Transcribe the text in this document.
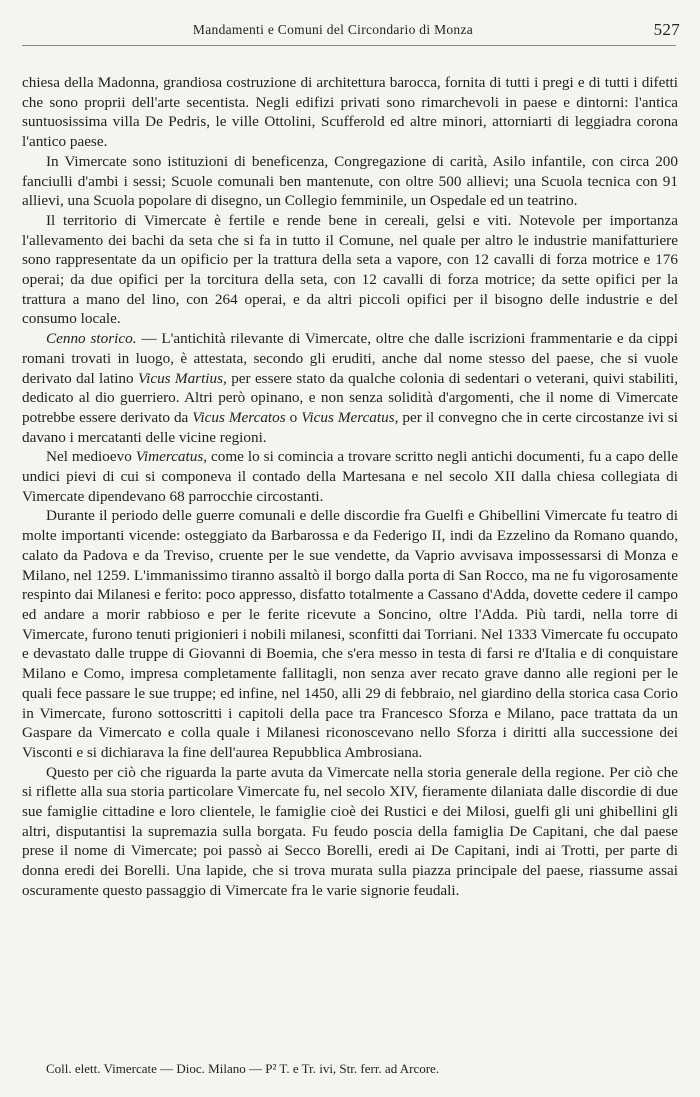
Mandamenti e Comuni del Circondario di Monza	527

chiesa della Madonna, grandiosa costruzione di architettura barocca, fornita di tutti i pregi e di tutti i difetti che sono proprii dell'arte secentista. Negli edifizi privati sono rimarchevoli in paese e dintorni: l'antica suntuosissima villa De Pedris, le ville Ottolini, Scufferold ed altre minori, attorniarti di leggiadra corona l'antico paese.

In Vimercate sono istituzioni di beneficenza, Congregazione di carità, Asilo infantile, con circa 200 fanciulli d'ambi i sessi; Scuole comunali ben mantenute, con oltre 500 allievi; una Scuola tecnica con 91 allievi, una Scuola popolare di disegno, un Collegio femminile, un Ospedale ed un teatrino.

Il territorio di Vimercate è fertile e rende bene in cereali, gelsi e viti. Notevole per importanza l'allevamento dei bachi da seta che si fa in tutto il Comune, nel quale per altro le industrie manifatturiere sono rappresentate da un opificio per la trattura della seta a vapore, con 12 cavalli di forza motrice e 176 operai; da due opifici per la torcitura della seta, con 12 cavalli di forza motrice; da sette opifici per la trattura a mano del lino, con 264 operai, e da altri piccoli opifici per il bisogno delle industrie e del consumo locale.

Cenno storico. — L'antichità rilevante di Vimercate, oltre che dalle iscrizioni frammentarie e da cippi romani trovati in luogo, è attestata, secondo gli eruditi, anche dal nome stesso del paese, che si vuole derivato dal latino Vicus Martius, per essere stato da qualche colonia di sedentari o veterani, quivi stabiliti, dedicato al dio guerriero. Altri però opinano, e non senza solidità d'argomenti, che il nome di Vimercate potrebbe essere derivato da Vicus Mercatos o Vicus Mercatus, per il convegno che in certe circostanze ivi si davano i mercatanti delle vicine regioni.

Nel medioevo Vimercatus, come lo si comincia a trovare scritto negli antichi documenti, fu a capo delle undici pievi di cui si componeva il contado della Martesana e nel secolo XII dalla chiesa collegiata di Vimercate dipendevano 68 parrocchie circostanti.

Durante il periodo delle guerre comunali e delle discordie fra Guelfi e Ghibellini Vimercate fu teatro di molte importanti vicende: osteggiato da Barbarossa e da Federigo II, indi da Ezzelino da Romano quando, calato da Padova e da Treviso, cruente per le sue vendette, da Vaprio avvisava impossessarsi di Monza e Milano, nel 1259. L'immanissimo tiranno assaltò il borgo dalla porta di San Rocco, ma ne fu vigorosamente respinto dai Milanesi e ferito: poco appresso, disfatto totalmente a Cassano d'Adda, dovette cedere il campo ed andare a morir rabbioso e per le ferite ricevute a Soncino, oltre l'Adda. Più tardi, nella torre di Vimercate, furono tenuti prigionieri i nobili milanesi, sconfitti dai Torriani. Nel 1333 Vimercate fu occupato e devastato dalle truppe di Giovanni di Boemia, che s'era messo in testa di farsi re d'Italia e di conquistare Milano e Como, impresa completamente fallitagli, non senza aver recato grave danno alle regioni per le quali fece passare le sue truppe; ed infine, nel 1450, alli 29 di febbraio, nel giardino della storica casa Corio in Vimercate, furono sottoscritti i capitoli della pace tra Francesco Sforza e Milano, pace trattata da un Gaspare da Vimercato e colla quale i Milanesi riconoscevano nello Sforza i diritti alla successione dei Visconti e si dichiarava la fine dell'aurea Repubblica Ambrosiana.

Questo per ciò che riguarda la parte avuta da Vimercate nella storia generale della regione. Per ciò che si riflette alla sua storia particolare Vimercate fu, nel secolo XIV, fieramente dilaniata dalle discordie di due sue famiglie cittadine e loro clientele, le famiglie cioè dei Rustici e dei Milosi, guelfi gli uni ghibellini gli altri, disputantisi la supremazia sulla borgata. Fu feudo poscia della famiglia De Capitani, che dal paese prese il nome di Vimercate; poi passò ai Secco Borelli, eredi ai De Capitani, indi ai Trotti, per parte di donna eredi dei Borelli. Una lapide, che si trova murata sulla piazza principale del paese, riassume assai oscuramente questo passaggio di Vimercate fra le varie signorie feudali.

Coll. elett. Vimercate — Dioc. Milano — P² T. e Tr. ivi, Str. ferr. ad Arcore.
